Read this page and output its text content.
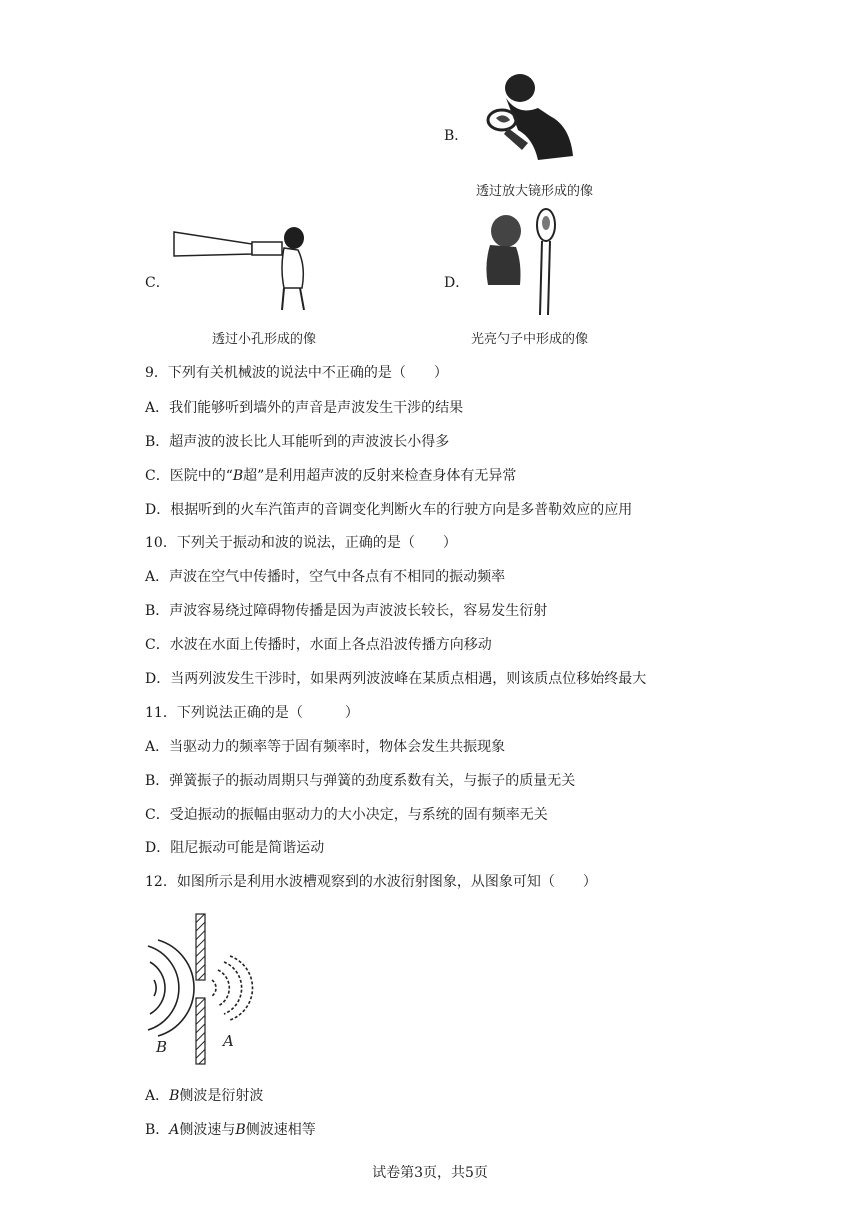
B．
透过放大镜形成的像
C．
透过小孔形成的像
D．
光亮勺子中形成的像
9．下列有关机械波的说法中不正确的是（　　）
A．我们能够听到墙外的声音是声波发生干涉的结果
B．超声波的波长比人耳能听到的声波波长小得多
C．医院中的“B超”是利用超声波的反射来检查身体有无异常
D．根据听到的火车汽笛声的音调变化判断火车的行驶方向是多普勒效应的应用
10．下列关于振动和波的说法，正确的是（　　）
A．声波在空气中传播时，空气中各点有不相同的振动频率
B．声波容易绕过障碍物传播是因为声波波长较长，容易发生衍射
C．水波在水面上传播时，水面上各点沿波传播方向移动
D．当两列波发生干涉时，如果两列波波峰在某质点相遇，则该质点位移始终最大
11．下列说法正确的是（　　　）
A．当驱动力的频率等于固有频率时，物体会发生共振现象
B．弹簧振子的振动周期只与弹簧的劲度系数有关，与振子的质量无关
C．受迫振动的振幅由驱动力的大小决定，与系统的固有频率无关
D．阻尼振动可能是简谐运动
12．如图所示是利用水波槽观察到的水波衍射图象，从图象可知（　　）
B	A
A．B侧波是衍射波
B．A侧波速与B侧波速相等
试卷第3页，共5页
